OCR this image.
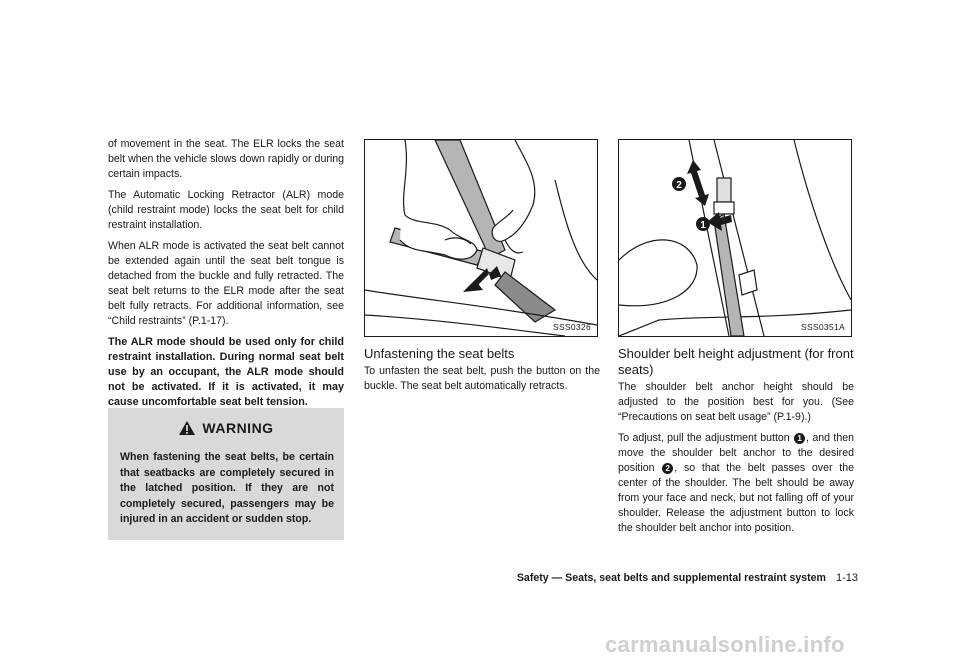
of movement in the seat. The ELR locks the seat belt when the vehicle slows down rapidly or during certain impacts.

The Automatic Locking Retractor (ALR) mode (child restraint mode) locks the seat belt for child restraint installation.

When ALR mode is activated the seat belt cannot be extended again until the seat belt tongue is detached from the buckle and fully retracted. The seat belt returns to the ELR mode after the seat belt fully retracts. For additional information, see “Child restraints” (P.1-17).

The ALR mode should be used only for child restraint installation. During normal seat belt use by an occupant, the ALR mode should not be activated. If it is activated, it may cause uncomfortable seat belt tension.

WARNING
When fastening the seat belts, be certain that seatbacks are completely secured in the latched position. If they are not completely secured, passengers may be injured in an accident or sudden stop.
SSS0326
Unfastening the seat belts

To unfasten the seat belt, push the button on the buckle. The seat belt automatically retracts.

2
1
SSS0351A
Shoulder belt height adjustment (for front seats)

The shoulder belt anchor height should be adjusted to the position best for you. (See “Precautions on seat belt usage” (P.1-9).)

To adjust, pull the adjustment button 1 , and then move the shoulder belt anchor to the desired position 2 , so that the belt passes over the center of the shoulder. The belt should be away from your face and neck, but not falling off of your shoulder. Release the adjustment button to lock the shoulder belt anchor into position.

Safety — Seats, seat belts and supplemental restraint system 1-13
carmanualsonline.info
